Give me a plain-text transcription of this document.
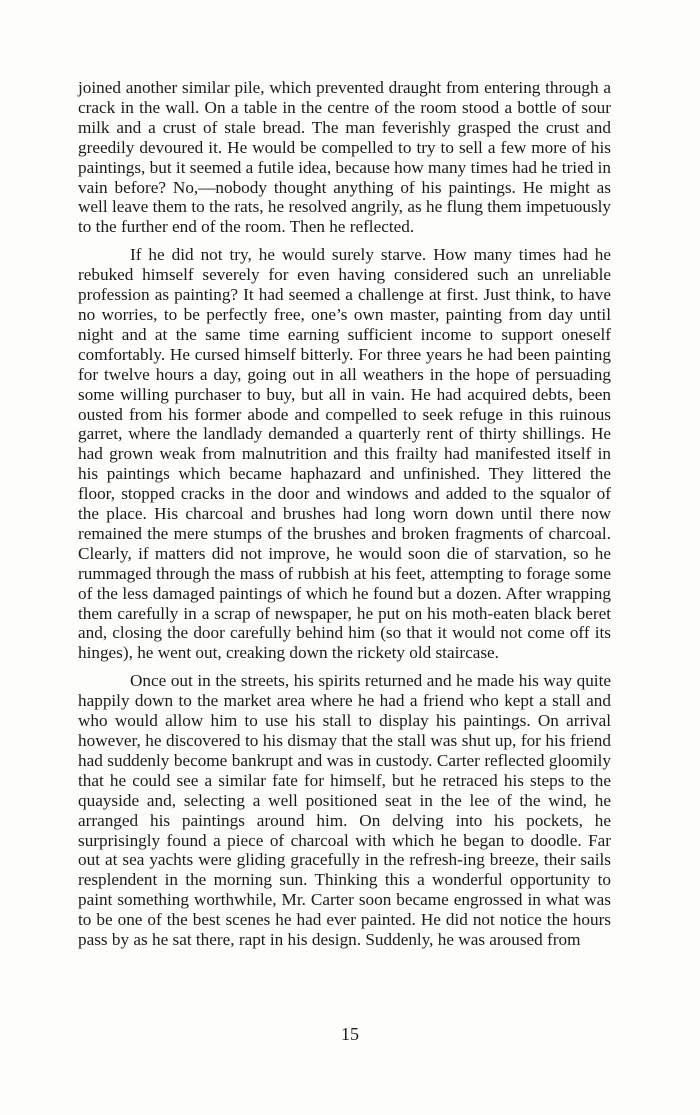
joined another similar pile, which prevented draught from entering through a crack in the wall. On a table in the centre of the room stood a bottle of sour milk and a crust of stale bread. The man feverishly grasped the crust and greedily devoured it. He would be compelled to try to sell a few more of his paintings, but it seemed a futile idea, because how many times had he tried in vain before? No,—nobody thought anything of his paintings. He might as well leave them to the rats, he resolved angrily, as he flung them impetuously to the further end of the room. Then he reflected.

If he did not try, he would surely starve. How many times had he rebuked himself severely for even having considered such an unreliable profession as painting? It had seemed a challenge at first. Just think, to have no worries, to be perfectly free, one’s own master, painting from day until night and at the same time earning sufficient income to support oneself comfortably. He cursed himself bitterly. For three years he had been painting for twelve hours a day, going out in all weathers in the hope of persuading some willing purchaser to buy, but all in vain. He had acquired debts, been ousted from his former abode and compelled to seek refuge in this ruinous garret, where the landlady demanded a quarterly rent of thirty shillings. He had grown weak from malnutrition and this frailty had manifested itself in his paintings which became haphazard and unfinished. They littered the floor, stopped cracks in the door and windows and added to the squalor of the place. His charcoal and brushes had long worn down until there now remained the mere stumps of the brushes and broken fragments of charcoal. Clearly, if matters did not improve, he would soon die of starvation, so he rummaged through the mass of rubbish at his feet, attempting to forage some of the less damaged paintings of which he found but a dozen. After wrapping them carefully in a scrap of newspaper, he put on his moth-eaten black beret and, closing the door carefully behind him (so that it would not come off its hinges), he went out, creaking down the rickety old staircase.

Once out in the streets, his spirits returned and he made his way quite happily down to the market area where he had a friend who kept a stall and who would allow him to use his stall to display his paintings. On arrival however, he discovered to his dismay that the stall was shut up, for his friend had suddenly become bankrupt and was in custody. Carter reflected gloomily that he could see a similar fate for himself, but he retraced his steps to the quayside and, selecting a well positioned seat in the lee of the wind, he arranged his paintings around him. On delving into his pockets, he surprisingly found a piece of charcoal with which he began to doodle. Far out at sea yachts were gliding gracefully in the refresh-ing breeze, their sails resplendent in the morning sun. Thinking this a wonderful opportunity to paint something worthwhile, Mr. Carter soon became engrossed in what was to be one of the best scenes he had ever painted. He did not notice the hours pass by as he sat there, rapt in his design. Suddenly, he was aroused from

15
